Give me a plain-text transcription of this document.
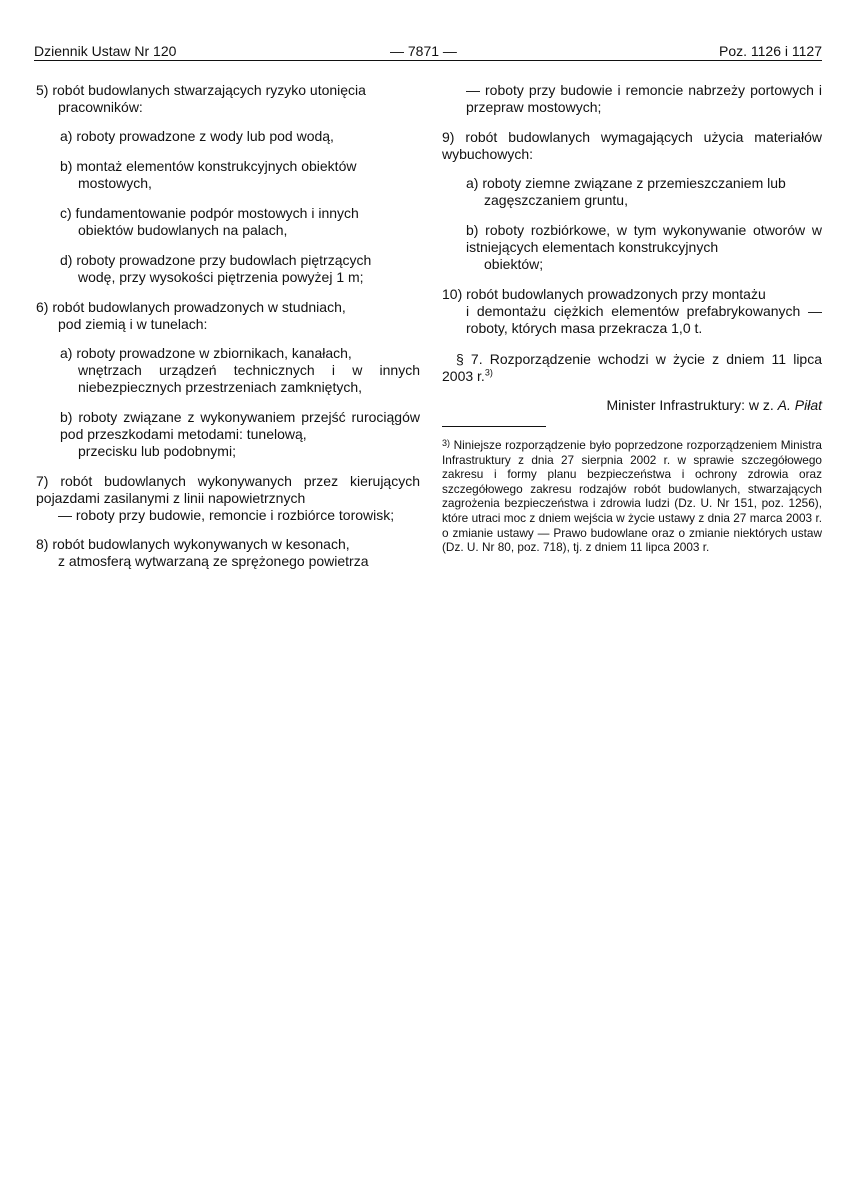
Dziennik Ustaw Nr 120	— 7871 —	Poz. 1126 i 1127
5) robót budowlanych stwarzających ryzyko utonięcia
pracowników:
a) roboty prowadzone z wody lub pod wodą,
b) montaż elementów konstrukcyjnych obiektów
mostowych,
c) fundamentowanie podpór mostowych i innych
obiektów budowlanych na palach,
d) roboty prowadzone przy budowlach piętrzących
wodę, przy wysokości piętrzenia powyżej 1 m;
6) robót budowlanych prowadzonych w studniach,
pod ziemią i w tunelach:
a) roboty prowadzone w zbiornikach, kanałach,
wnętrzach urządzeń technicznych i w innych niebezpiecznych przestrzeniach zamkniętych,
b) roboty związane z wykonywaniem przejść rurociągów pod przeszkodami metodami: tunelową,
przecisku lub podobnymi;
7) robót budowlanych wykonywanych przez kierujących pojazdami zasilanymi z linii napowietrznych
— roboty przy budowie, remoncie i rozbiórce torowisk;
8) robót budowlanych wykonywanych w kesonach,
z atmosferą wytwarzaną ze sprężonego powietrza
— roboty przy budowie i remoncie nabrzeży portowych i przepraw mostowych;
9) robót budowlanych wymagających użycia materiałów wybuchowych:
a) roboty ziemne związane z przemieszczaniem lub
zagęszczaniem gruntu,
b) roboty rozbiórkowe, w tym wykonywanie otworów w istniejących elementach konstrukcyjnych
obiektów;
10) robót budowlanych prowadzonych przy montażu
i demontażu ciężkich elementów prefabrykowanych — roboty, których masa przekracza 1,0 t.

§ 7. Rozporządzenie wchodzi w życie z dniem 11 lipca 2003 r.$^{3)}$

Minister Infrastruktury: w z. A. Piłat

$^{3)}$ Niniejsze rozporządzenie było poprzedzone rozporządzeniem Ministra Infrastruktury z dnia 27 sierpnia 2002 r. w sprawie szczegółowego zakresu i formy planu bezpieczeństwa i ochrony zdrowia oraz szczegółowego zakresu rodzajów robót budowlanych, stwarzających zagrożenia bezpieczeństwa i zdrowia ludzi (Dz. U. Nr 151, poz. 1256), które utraci moc z dniem wejścia w życie ustawy z dnia 27 marca 2003 r. o zmianie ustawy — Prawo budowlane oraz o zmianie niektórych ustaw (Dz. U. Nr 80, poz. 718), tj. z dniem 11 lipca 2003 r.
